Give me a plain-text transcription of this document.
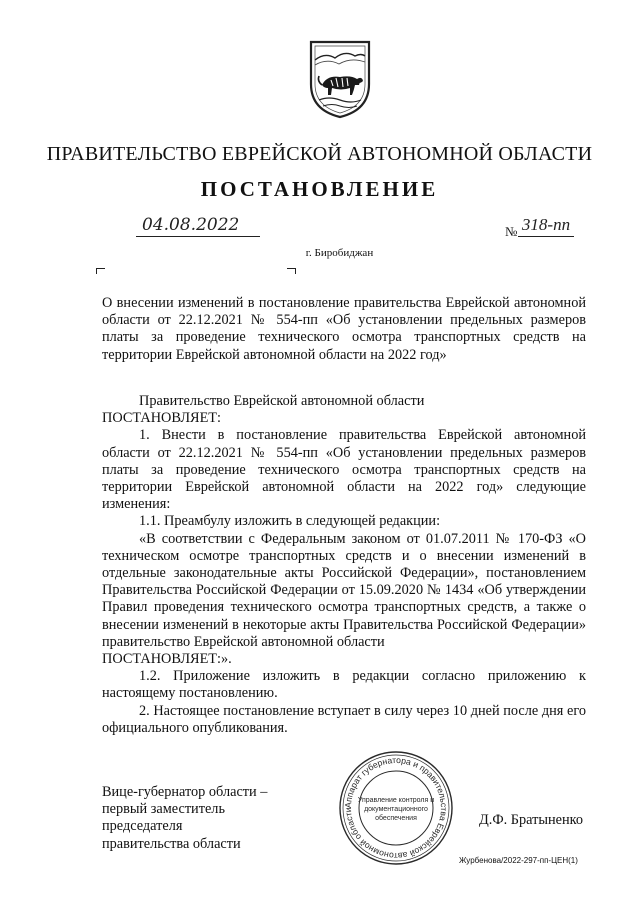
ПРАВИТЕЛЬСТВО ЕВРЕЙСКОЙ АВТОНОМНОЙ ОБЛАСТИ
ПОСТАНОВЛЕНИЕ
04.08.2022	№ 318-пп
г. Биробиджан
О внесении изменений в постановление правительства Еврейской автономной области от 22.12.2021 № 554-пп «Об установлении предельных размеров платы за проведение технического осмотра транспортных средств на территории Еврейской автономной области на 2022 год»

Правительство Еврейской автономной области

ПОСТАНОВЛЯЕТ:

1. Внести в постановление правительства Еврейской автономной области от 22.12.2021 № 554-пп «Об установлении предельных размеров платы за проведение технического осмотра транспортных средств на территории Еврейской автономной области на 2022 год» следующие изменения:

1.1. Преамбулу изложить в следующей редакции:

«В соответствии с Федеральным законом от 01.07.2011 № 170-ФЗ «О техническом осмотре транспортных средств и о внесении изменений в отдельные законодательные акты Российской Федерации», постановлением Правительства Российской Федерации от 15.09.2020 № 1434 «Об утверждении Правил проведения технического осмотра транспортных средств, а также о внесении изменений в некоторые акты Правительства Российской Федерации» правительство Еврейской автономной области

ПОСТАНОВЛЯЕТ:».

1.2. Приложение изложить в редакции согласно приложению к настоящему постановлению.

2. Настоящее постановление вступает в силу через 10 дней после дня его официального опубликования.

Вице-губернатор области –
первый заместитель председателя
правительства области
Д.Ф. Братыненко
Аппарат губернатора и правительства Еврейской автономной области
Управление контроля и
документационного
обеспечения
Журбенова/2022-297-пп-ЦЕН(1)
